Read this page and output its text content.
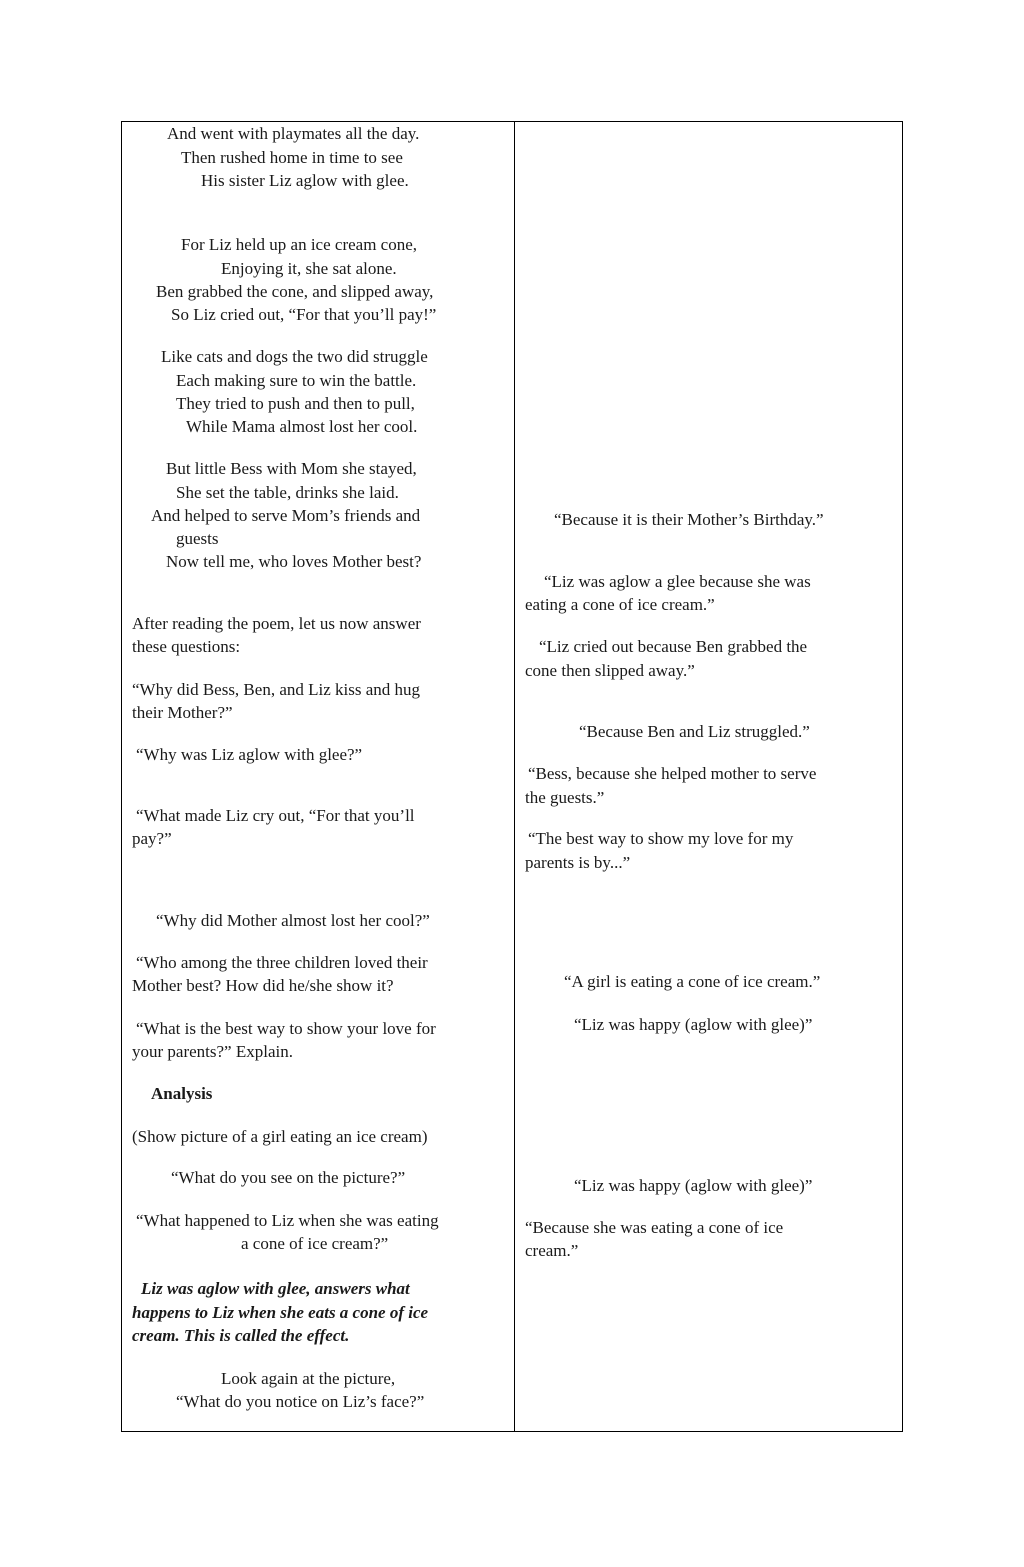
And went with playmates all the day.

Then rushed home in time to see

His sister Liz aglow with glee.

For Liz held up an ice cream cone,

Enjoying it, she sat alone.

Ben grabbed the cone, and slipped away,

So Liz cried out, “For that you’ll pay!”

Like cats and dogs the two did struggle

Each making sure to win the battle.

They tried to push and then to pull,

While Mama almost lost her cool.

But little Bess with Mom she stayed,

She set the table, drinks she laid.

And helped to serve Mom’s friends and

guests

Now tell me, who loves Mother best?

After reading the poem, let us now answer

these questions:

“Why did Bess, Ben, and Liz kiss and hug

their Mother?”

“Why was Liz aglow with glee?”

“What made Liz cry out, “For that you’ll

pay?”

“Why did Mother almost lost her cool?”

“Who among the three children loved their

Mother best? How did he/she show it?

“What is the best way to show your love for

your parents?” Explain.

Analysis

(Show picture of a girl eating an ice cream)

“What do you see on the picture?”

“What happened to Liz when she was eating

a cone of ice cream?”

Liz was aglow with glee, answers what

happens to Liz when she eats a cone of ice

cream. This is called the effect.

Look again at the picture,

“What do you notice on Liz’s face?”

“Because it is their Mother’s Birthday.”

“Liz was aglow a glee because she was

eating a cone of ice cream.”

“Liz cried out because Ben grabbed the

cone then slipped away.”

“Because Ben and Liz struggled.”

“Bess, because she helped mother to serve

the guests.”

“The best way to show my love for my

parents is by...”

“A girl is eating a cone of ice cream.”

“Liz was happy (aglow with glee)”

“Liz was happy (aglow with glee)”

“Because she was eating a cone of ice

cream.”
